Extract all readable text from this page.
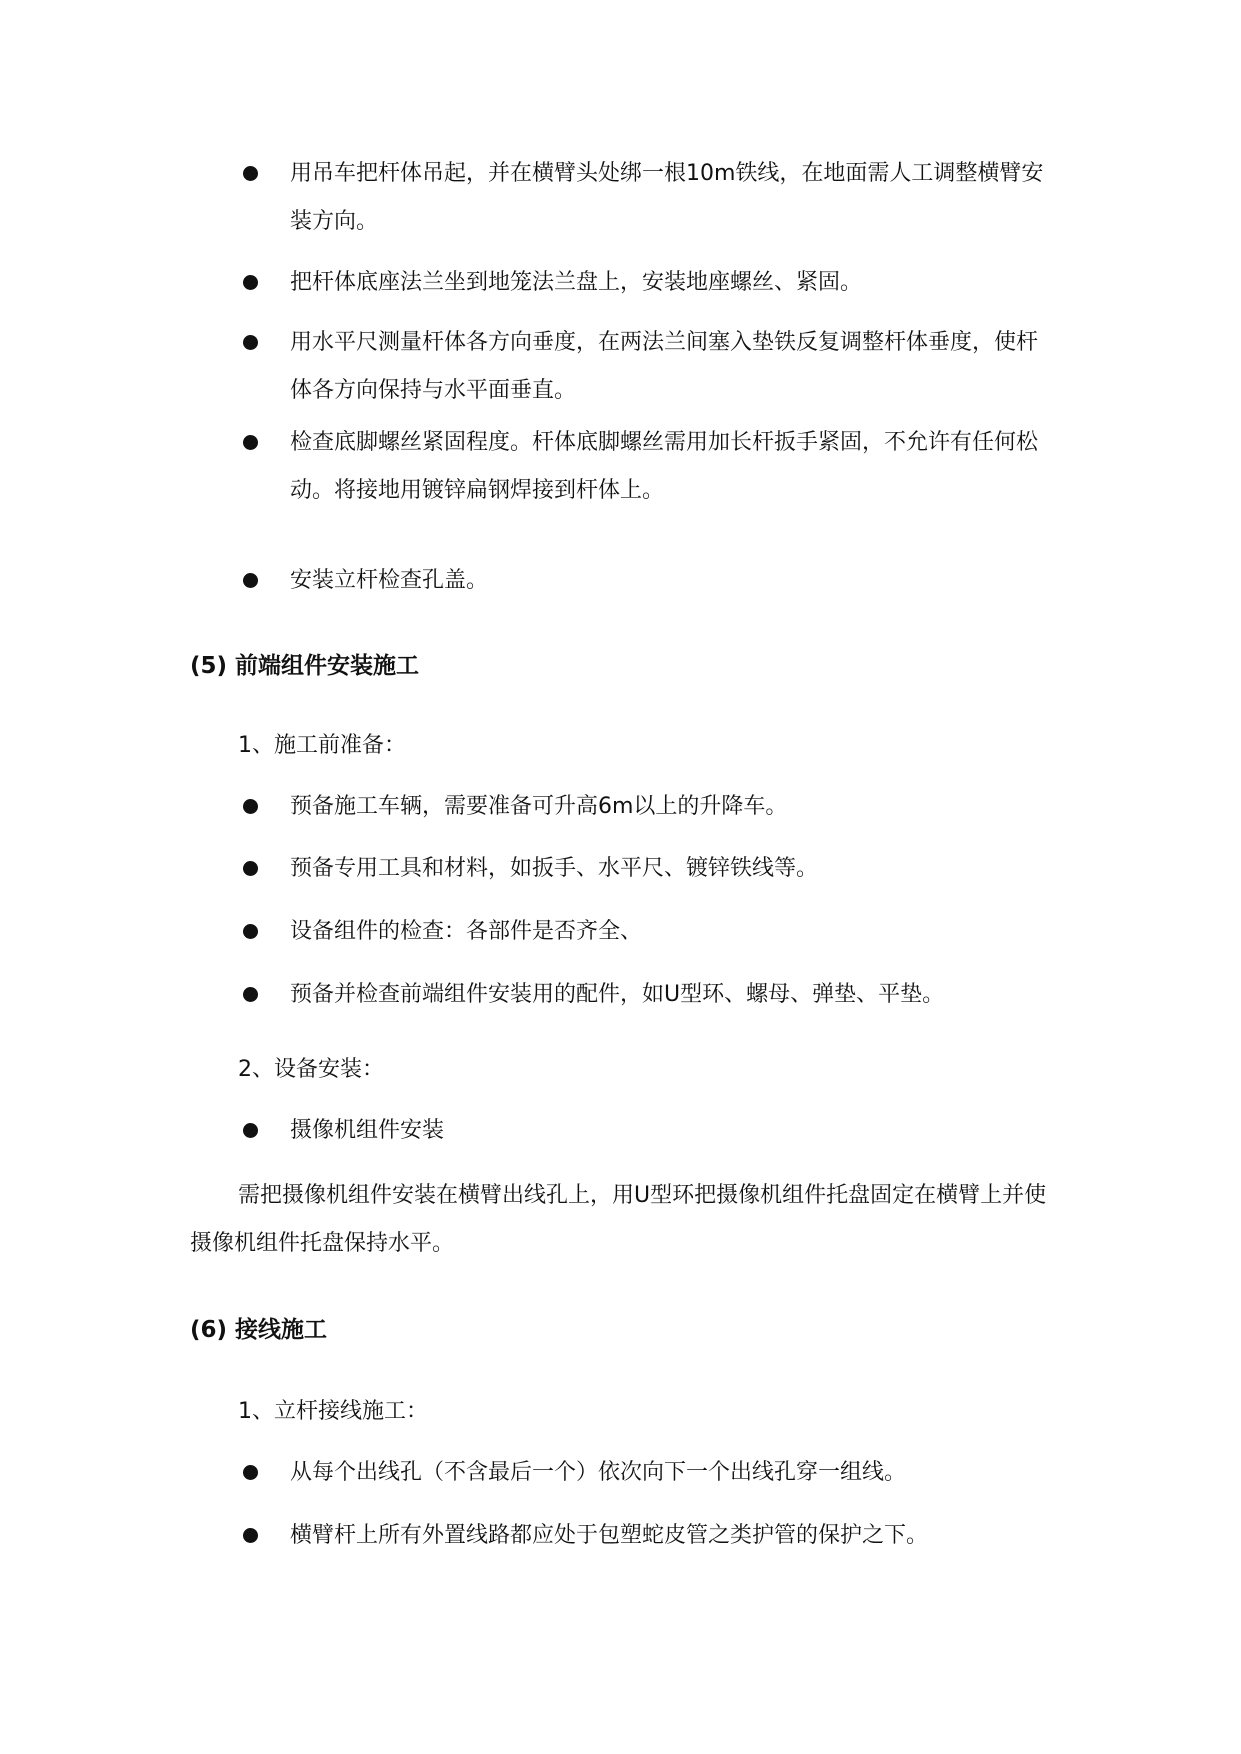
用吊车把杆体吊起，并在横臂头处绑一根10m铁线，在地面需人工调整横臂安装方向。
把杆体底座法兰坐到地笼法兰盘上，安装地座螺丝、紧固。
用水平尺测量杆体各方向垂度，在两法兰间塞入垫铁反复调整杆体垂度，使杆体各方向保持与水平面垂直。
检查底脚螺丝紧固程度。杆体底脚螺丝需用加长杆扳手紧固，不允许有任何松动。将接地用镀锌扁钢焊接到杆体上。
安装立杆检查孔盖。
(5) 前端组件安装施工
1、施工前准备：
预备施工车辆，需要准备可升高6m以上的升降车。
预备专用工具和材料，如扳手、水平尺、镀锌铁线等。
设备组件的检查：各部件是否齐全、
预备并检查前端组件安装用的配件，如U型环、螺母、弹垫、平垫。
2、设备安装：
摄像机组件安装
需把摄像机组件安装在横臂出线孔上，用U型环把摄像机组件托盘固定在横臂上并使摄像机组件托盘保持水平。
(6) 接线施工
1、立杆接线施工：
从每个出线孔（不含最后一个）依次向下一个出线孔穿一组线。
横臂杆上所有外置线路都应处于包塑蛇皮管之类护管的保护之下。
